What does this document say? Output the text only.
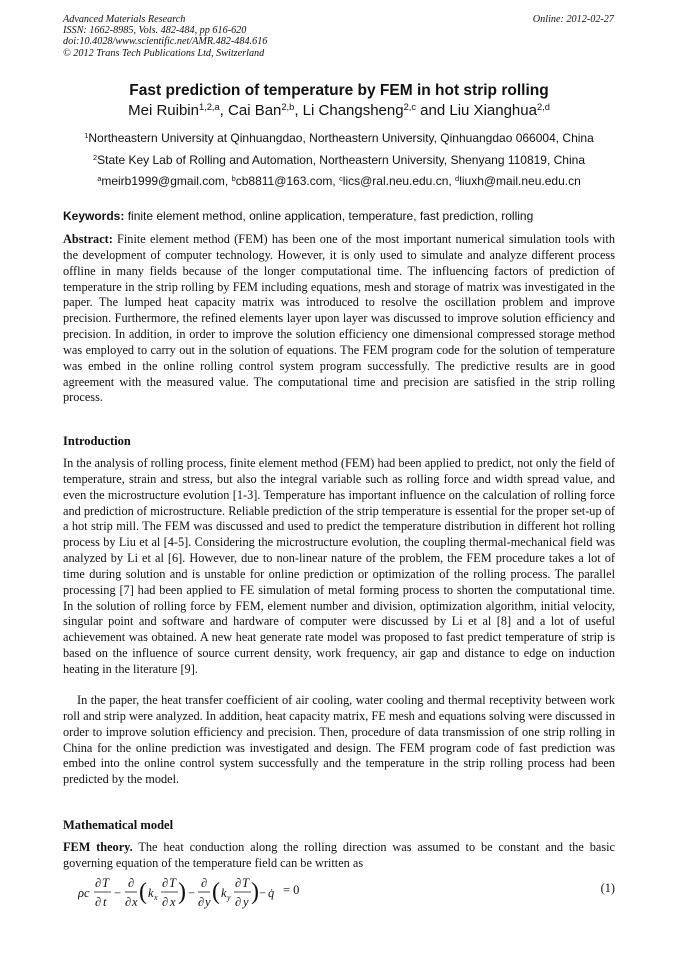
Advanced Materials Research
ISSN: 1662-8985, Vols. 482-484, pp 616-620
doi:10.4028/www.scientific.net/AMR.482-484.616
© 2012 Trans Tech Publications Ltd, Switzerland
Online: 2012-02-27
Fast prediction of temperature by FEM in hot strip rolling
Mei Ruibin$^{1,2,a}$, Cai Ban$^{2,b}$, Li Changsheng$^{2,c}$ and Liu Xianghua$^{2,d}$
$^1$Northeastern University at Qinhuangdao, Northeastern University, Qinhuangdao 066004, China
$^2$State Key Lab of Rolling and Automation, Northeastern University, Shenyang 110819, China
$^a$meirb1999@gmail.com, $^b$cb8811@163.com, $^c$lics@ral.neu.edu.cn, $^d$liuxh@mail.neu.edu.cn
Keywords: finite element method, online application, temperature, fast prediction, rolling
Abstract: Finite element method (FEM) has been one of the most important numerical simulation tools with the development of computer technology. However, it is only used to simulate and analyze different process offline in many fields because of the longer computational time. The influencing factors of prediction of temperature in the strip rolling by FEM including equations, mesh and storage of matrix was investigated in the paper. The lumped heat capacity matrix was introduced to resolve the oscillation problem and improve precision. Furthermore, the refined elements layer upon layer was discussed to improve solution efficiency and precision. In addition, in order to improve the solution efficiency one dimensional compressed storage method was employed to carry out in the solution of equations. The FEM program code for the solution of temperature was embed in the online rolling control system program successfully. The predictive results are in good agreement with the measured value. The computational time and precision are satisfied in the strip rolling process.
Introduction
In the analysis of rolling process, finite element method (FEM) had been applied to predict, not only the field of temperature, strain and stress, but also the integral variable such as rolling force and width spread value, and even the microstructure evolution [1-3]. Temperature has important influence on the calculation of rolling force and prediction of microstructure. Reliable prediction of the strip temperature is essential for the proper set-up of a hot strip mill. The FEM was discussed and used to predict the temperature distribution in different hot rolling process by Liu et al [4-5]. Considering the microstructure evolution, the coupling thermal-mechanical field was analyzed by Li et al [6]. However, due to non-linear nature of the problem, the FEM procedure takes a lot of time during solution and is unstable for online prediction or optimization of the rolling process. The parallel processing [7] had been applied to FE simulation of metal forming process to shorten the computational time. In the solution of rolling force by FEM, element number and division, optimization algorithm, initial velocity, singular point and software and hardware of computer were discussed by Li et al [8] and a lot of useful achievement was obtained. A new heat generate rate model was proposed to fast predict temperature of strip is based on the influence of source current density, work frequency, air gap and distance to edge on induction heating in the literature [9].
In the paper, the heat transfer coefficient of air cooling, water cooling and thermal receptivity between work roll and strip were analyzed. In addition, heat capacity matrix, FE mesh and equations solving were discussed in order to improve solution efficiency and precision. Then, procedure of data transmission of one strip rolling in China for the online prediction was investigated and design. The FEM program code of fast prediction was embed into the online control system successfully and the temperature in the strip rolling process had been predicted by the model.
Mathematical model
FEM theory. The heat conduction along the rolling direction was assumed to be constant and the basic governing equation of the temperature field can be written as
ρc
∂ T
∂ t
−
∂
∂ x ( k x
∂ T
∂ x ) −
∂
∂ y ( k y
∂ T
∂ y ) − q̇ = 0	(1)
